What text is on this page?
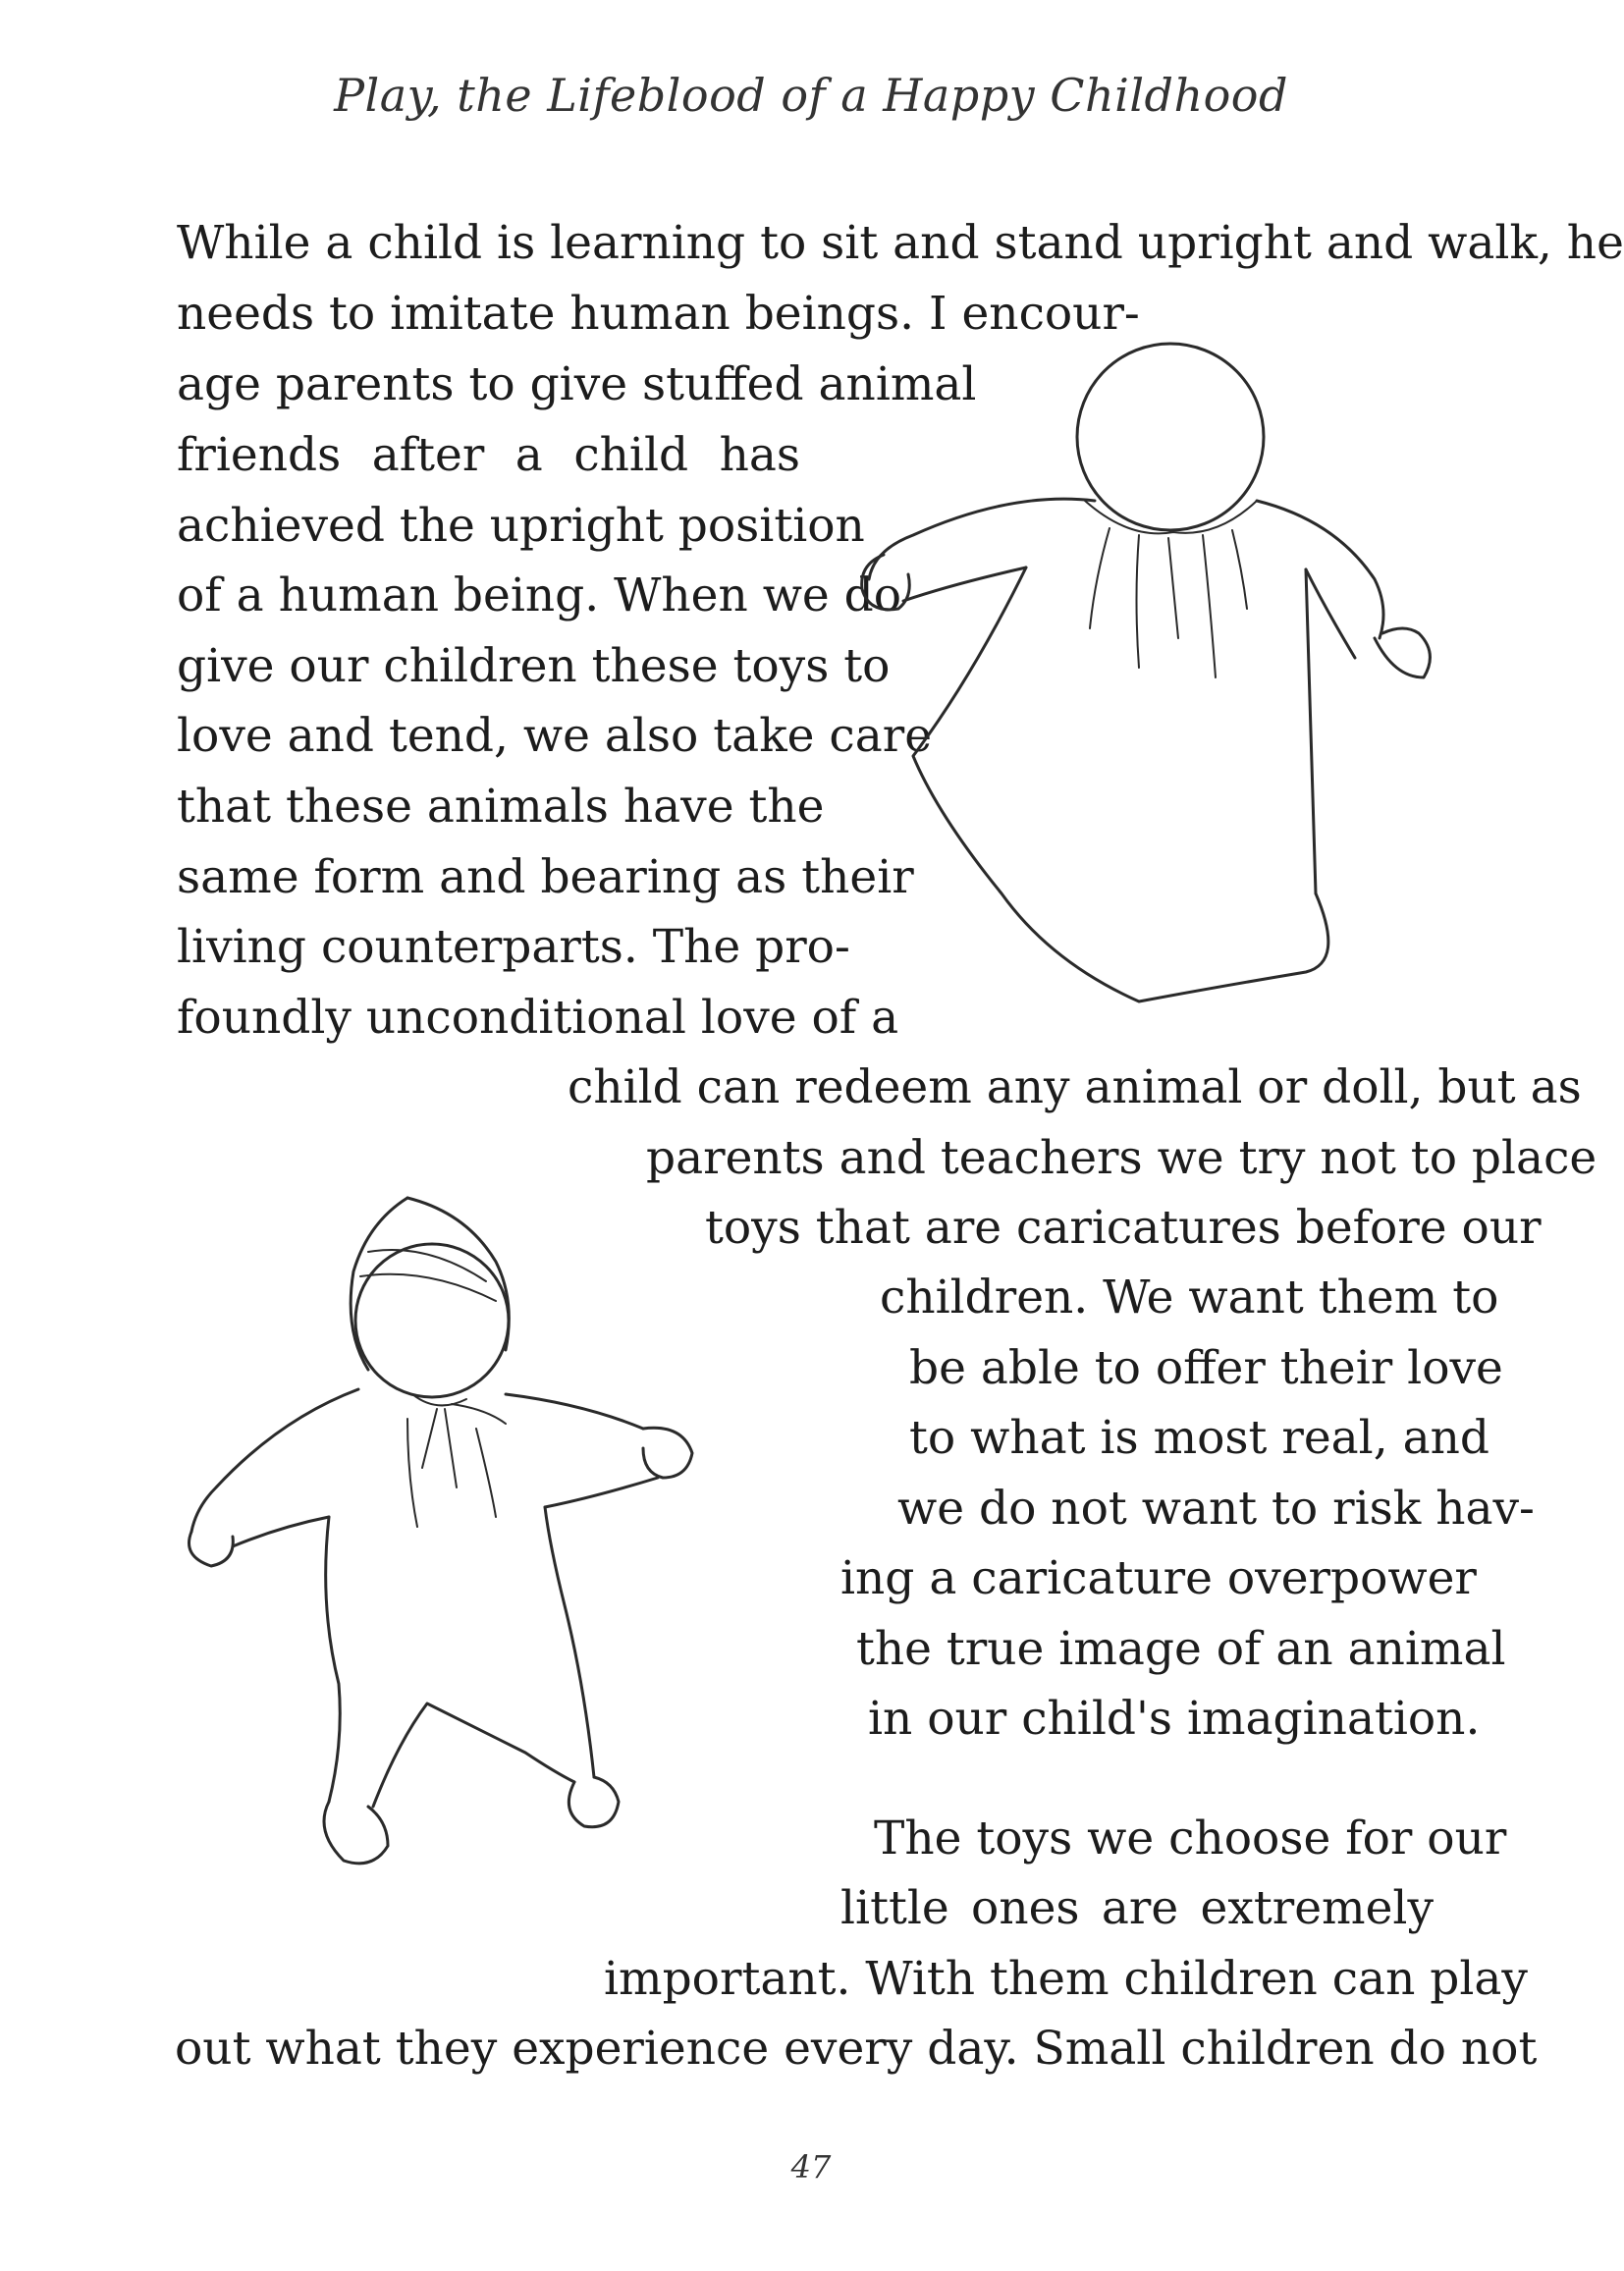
Play, the Lifeblood of a Happy Childhood
While a child is learning to sit and stand upright and walk, he
needs to imitate human beings. I encour-
age parents to give stuffed animal
friends after a child has
achieved the upright position
of a human being. When we do
give our children these toys to
love and tend, we also take care
that these animals have the
same form and bearing as their
living counterparts. The pro-
foundly unconditional love of a
child can redeem any animal or doll, but as
parents and teachers we try not to place
toys that are caricatures before our
children. We want them to
be able to offer their love
to what is most real, and
we do not want to risk hav-
ing a caricature overpower
the true image of an animal
in our child's imagination.
The toys we choose for our
little ones are extremely
important. With them children can play
out what they experience every day. Small children do not
47
